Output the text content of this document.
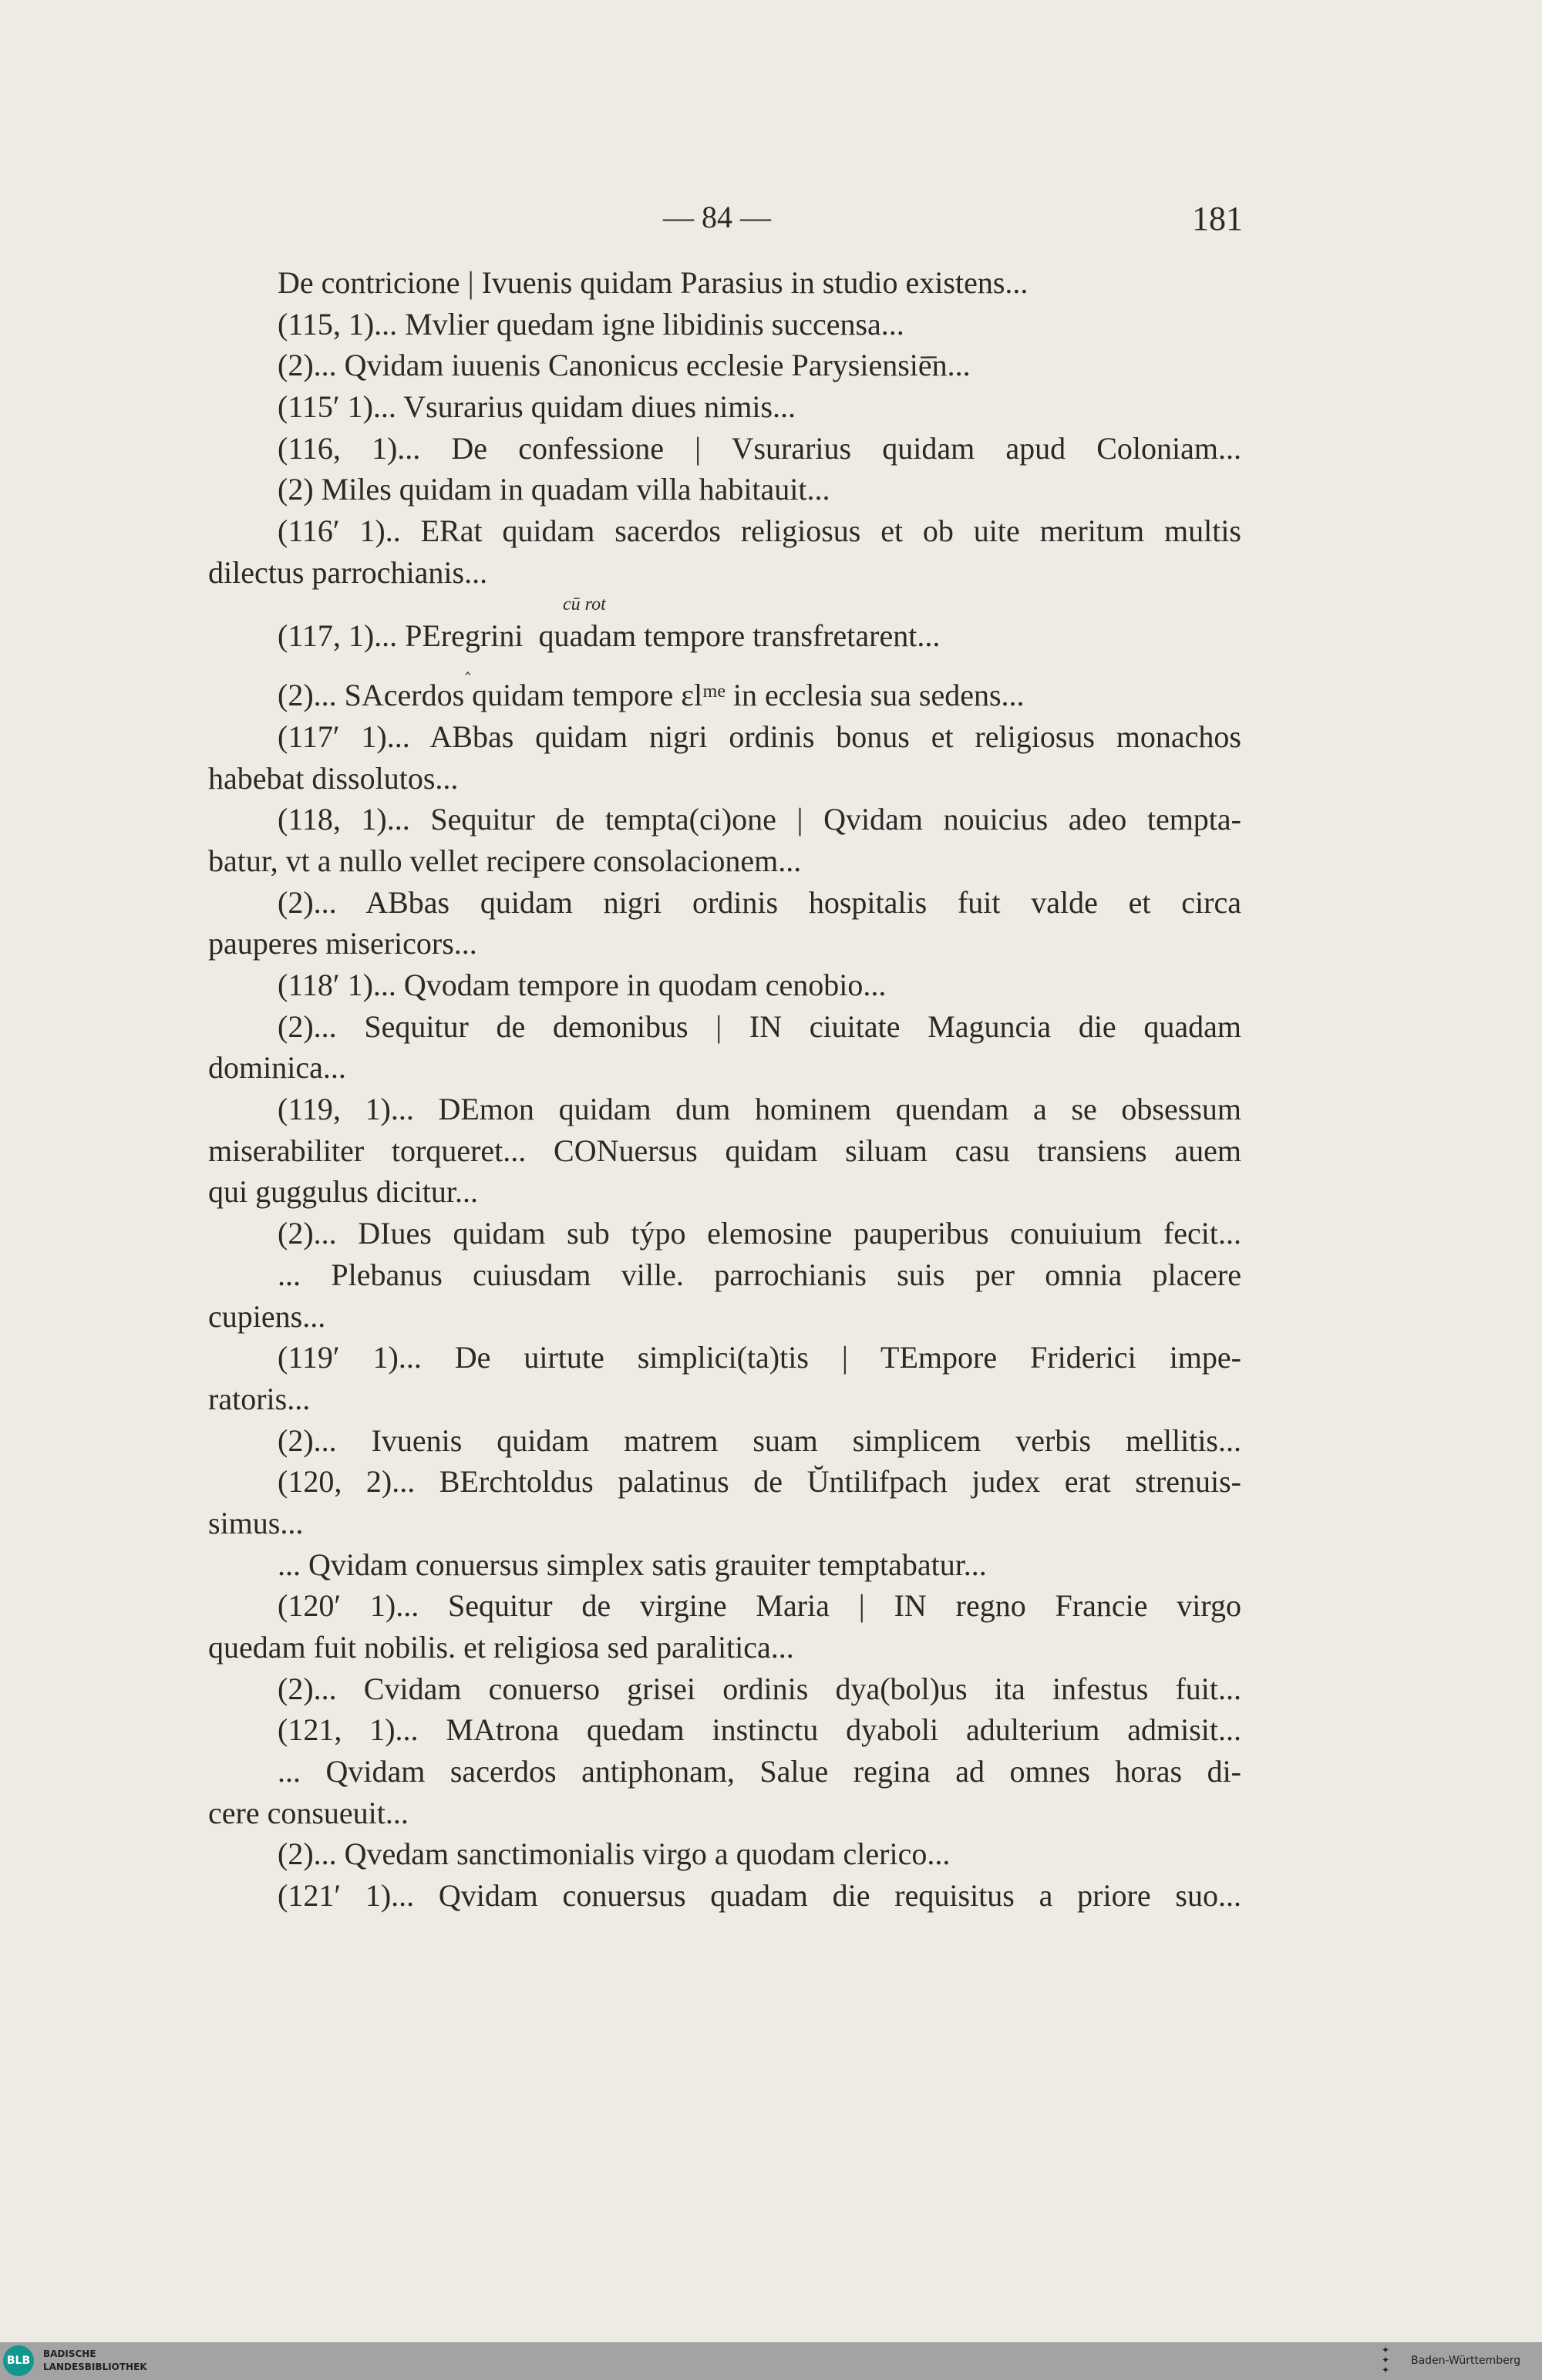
— 84 —	181
cū rot
‸
De contricione | Ivuenis quidam Parasius in studio existens...
(115, 1)... Mvlier quedam igne libidinis succensa...
(2)... Qvidam iuuenis Canonicus ecclesie Parysiensiē̄n...
(115′ 1)... Vsurarius quidam diues nimis...
(116, 1)... De confessione | Vsurarius quidam apud Coloniam...
(2) Miles quidam in quadam villa habitauit...
(116′ 1).. ERat quidam sacerdos religiosus et ob uite meritum multis
dilectus parrochianis...
(117, 1)... PEregrini  quadam tempore transfretarent...
(2)... SAcerdos quidam tempore ɛlᵐᵉ in ecclesia sua sedens...
(117′ 1)... ABbas quidam nigri ordinis bonus et religiosus monachos
habebat dissolutos...
(118, 1)... Sequitur de tempta(ci)one | Qvidam nouicius adeo tempta-
batur, vt a nullo vellet recipere consolacionem...
(2)... ABbas quidam nigri ordinis hospitalis fuit valde et circa
pauperes misericors...
(118′ 1)... Qvodam tempore in quodam cenobio...
(2)... Sequitur de demonibus | IN ciuitate Maguncia die quadam
dominica...
(119, 1)... DEmon quidam dum hominem quendam a se obsessum
miserabiliter torqueret... CONuersus quidam siluam casu transiens auem
qui guggulus dicitur...
(2)... DIues quidam sub týpo elemosine pauperibus conuiuium fecit...
... Plebanus cuiusdam ville. parrochianis suis per omnia placere
cupiens...
(119′ 1)... De uirtute simplici(ta)tis | TEmpore Friderici impe-
ratoris...
(2)... Ivuenis quidam matrem suam simplicem verbis mellitis...
(120, 2)... BErchtoldus palatinus de Ŭntilifpach judex erat strenuis-
simus...
... Qvidam conuersus simplex satis grauiter temptabatur...
(120′ 1)... Sequitur de virgine Maria | IN regno Francie virgo
quedam fuit nobilis. et religiosa sed paralitica...
(2)... Cvidam conuerso grisei ordinis dya(bol)us ita infestus fuit...
(121, 1)... MAtrona quedam instinctu dyaboli adulterium admisit...
... Qvidam sacerdos antiphonam, Salue regina ad omnes horas di-
cere consueuit...
(2)... Qvedam sanctimonialis virgo a quodam clerico...
(121′ 1)... Qvidam conuersus quadam die requisitus a priore suo...
BLB
BADISCHE
LANDESBIBLIOTHEK
✦
✦
✦
Baden-Württemberg
